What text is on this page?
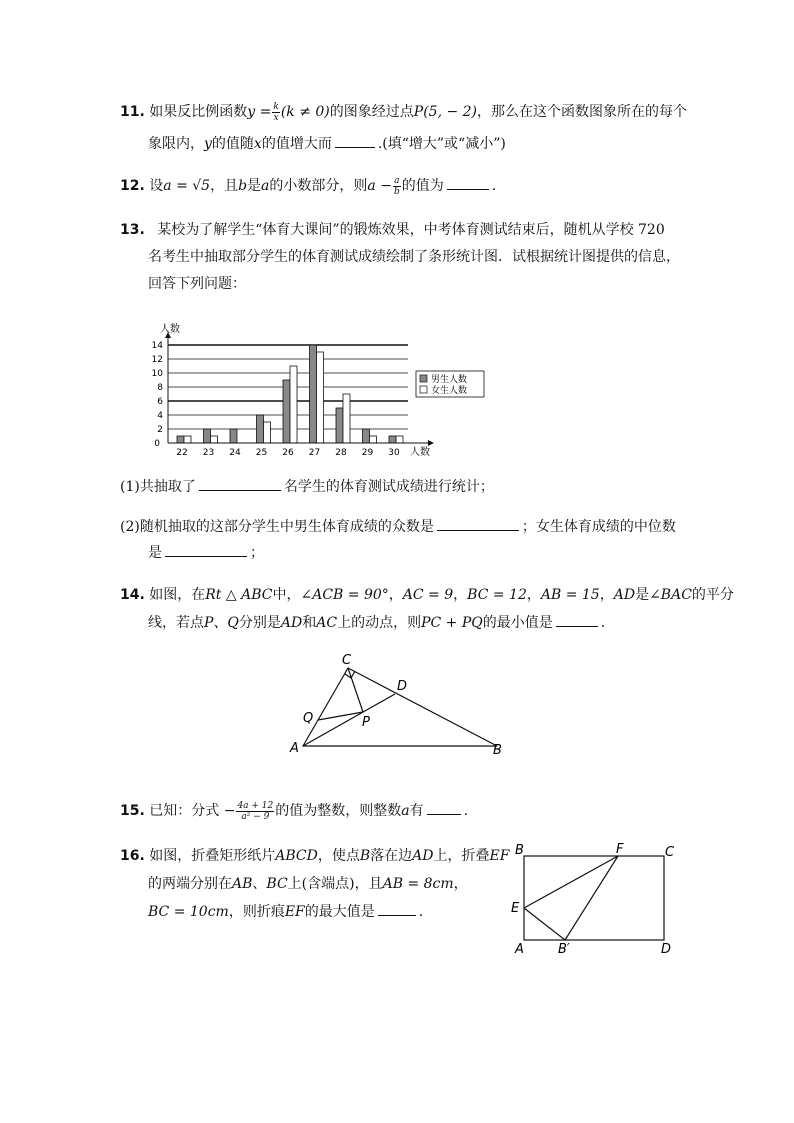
11. 如果反比例函数$y = \frac{k}{x} (k \ne 0)$的图象经过点P(5, − 2)，那么在这个函数图象所在的每个
象限内，y的值随x的值增大而	.(填“增大”或“减小”)
12. 设a = √5，且b是a的小数部分，则$a - \frac{a}{b}$ 的值为	.
13. 某校为了解学生“体育大课间”的锻炼效果，中考体育测试结束后，随机从学校 720
名考生中抽取部分学生的体育测试成绩绘制了条形统计图．试根据统计图提供的信息，
回答下列问题：
2
4
6
8
10
12
14
0
人数
人数
22 23 24 25 26 27 28 29 30
男生人数
女生人数
(1)共抽取了	名学生的体育测试成绩进行统计；
(2)随机抽取的这部分学生中男生体育成绩的众数是	；女生体育成绩的中位数
是	；
14. 如图，在Rt △ ABC中，∠ACB = 90°，AC = 9，BC = 12，AB = 15，AD是∠BAC的平分
线，若点P、Q分别是AD和AC上的动点，则PC + PQ的最小值是	.
C
D
Q	P
A	B
15. 已知：分式 − $\frac{4a + 12}{\text{a² − 9}}$ 的值为整数，则整数a有	.
16. 如图，折叠矩形纸片ABCD，使点B落在边AD上，折叠EF
的两端分别在AB、BC上(含端点)，且AB = 8cm，
BC = 10cm，则折痕EF的最大值是	.
B	F	C
E
A	B′	D
